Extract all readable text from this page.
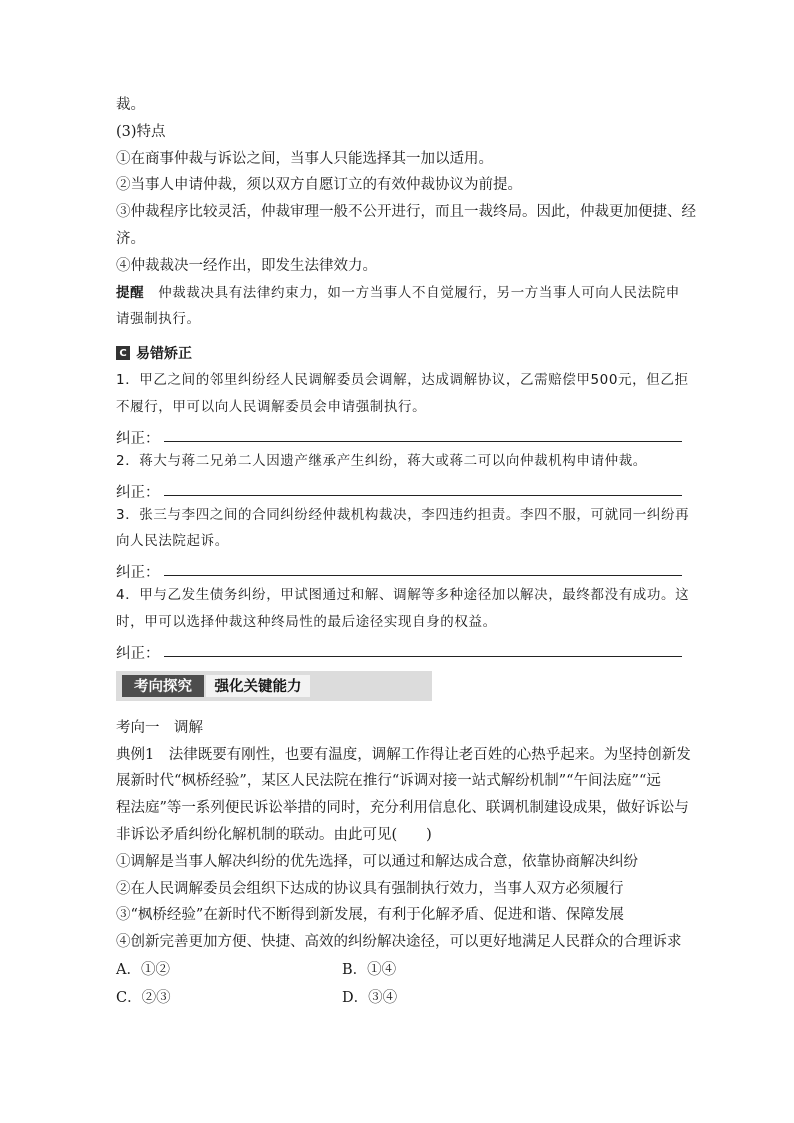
裁。

(3)特点

①在商事仲裁与诉讼之间，当事人只能选择其一加以适用。

②当事人申请仲裁，须以双方自愿订立的有效仲裁协议为前提。

③仲裁程序比较灵活，仲裁审理一般不公开进行，而且一裁终局。因此，仲裁更加便捷、经

济。

④仲裁裁决一经作出，即发生法律效力。

提醒 仲裁裁决具有法律约束力，如一方当事人不自觉履行，另一方当事人可向人民法院申

请强制执行。

C 易错矫正

1．甲乙之间的邻里纠纷经人民调解委员会调解，达成调解协议，乙需赔偿甲500元，但乙拒

不履行，甲可以向人民调解委员会申请强制执行。

纠正：

2．蒋大与蒋二兄弟二人因遗产继承产生纠纷，蒋大或蒋二可以向仲裁机构申请仲裁。

纠正：

3．张三与李四之间的合同纠纷经仲裁机构裁决，李四违约担责。李四不服，可就同一纠纷再

向人民法院起诉。

纠正：

4．甲与乙发生债务纠纷，甲试图通过和解、调解等多种途径加以解决，最终都没有成功。这

时，甲可以选择仲裁这种终局性的最后途径实现自身的权益。

纠正：
考向探究	强化关键能力

考向一　调解

典例1　法律既要有刚性，也要有温度，调解工作得让老百姓的心热乎起来。为坚持创新发

展新时代“枫桥经验”，某区人民法院在推行“诉调对接一站式解纷机制”“午间法庭”“远

程法庭”等一系列便民诉讼举措的同时，充分利用信息化、联调机制建设成果，做好诉讼与

非诉讼矛盾纠纷化解机制的联动。由此可见(　　)

①调解是当事人解决纠纷的优先选择，可以通过和解达成合意，依靠协商解决纠纷

②在人民调解委员会组织下达成的协议具有强制执行效力，当事人双方必须履行

③“枫桥经验”在新时代不断得到新发展，有利于化解矛盾、促进和谐、保障发展

④创新完善更加方便、快捷、高效的纠纷解决途径，可以更好地满足人民群众的合理诉求

A．①②	B．①④
C．②③	D．③④
